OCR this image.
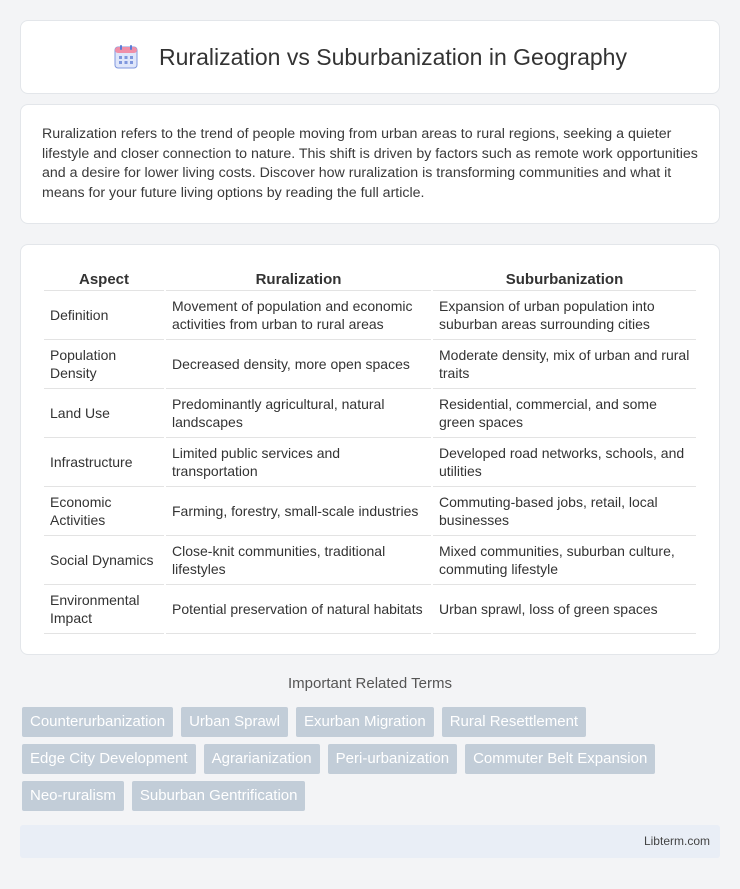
Ruralization vs Suburbanization in Geography

Ruralization refers to the trend of people moving from urban areas to rural regions, seeking a quieter lifestyle and closer connection to nature. This shift is driven by factors such as remote work opportunities and a desire for lower living costs. Discover how ruralization is transforming communities and what it means for your future living options by reading the full article.

Aspect	Ruralization	Suburbanization
Definition	Movement of population and economic activities from urban to rural areas	Expansion of urban population into suburban areas surrounding cities
Population Density	Decreased density, more open spaces	Moderate density, mix of urban and rural traits
Land Use	Predominantly agricultural, natural landscapes	Residential, commercial, and some green spaces
Infrastructure	Limited public services and transportation	Developed road networks, schools, and utilities
Economic Activities	Farming, forestry, small-scale industries	Commuting-based jobs, retail, local businesses
Social Dynamics	Close-knit communities, traditional lifestyles	Mixed communities, suburban culture, commuting lifestyle
Environmental Impact	Potential preservation of natural habitats	Urban sprawl, loss of green spaces
Important Related Terms
Counterurbanization	Urban Sprawl	Exurban Migration	Rural Resettlement
Edge City Development	Agrarianization	Peri-urbanization	Commuter Belt Expansion
Neo-ruralism	Suburban Gentrification
Libterm.com
